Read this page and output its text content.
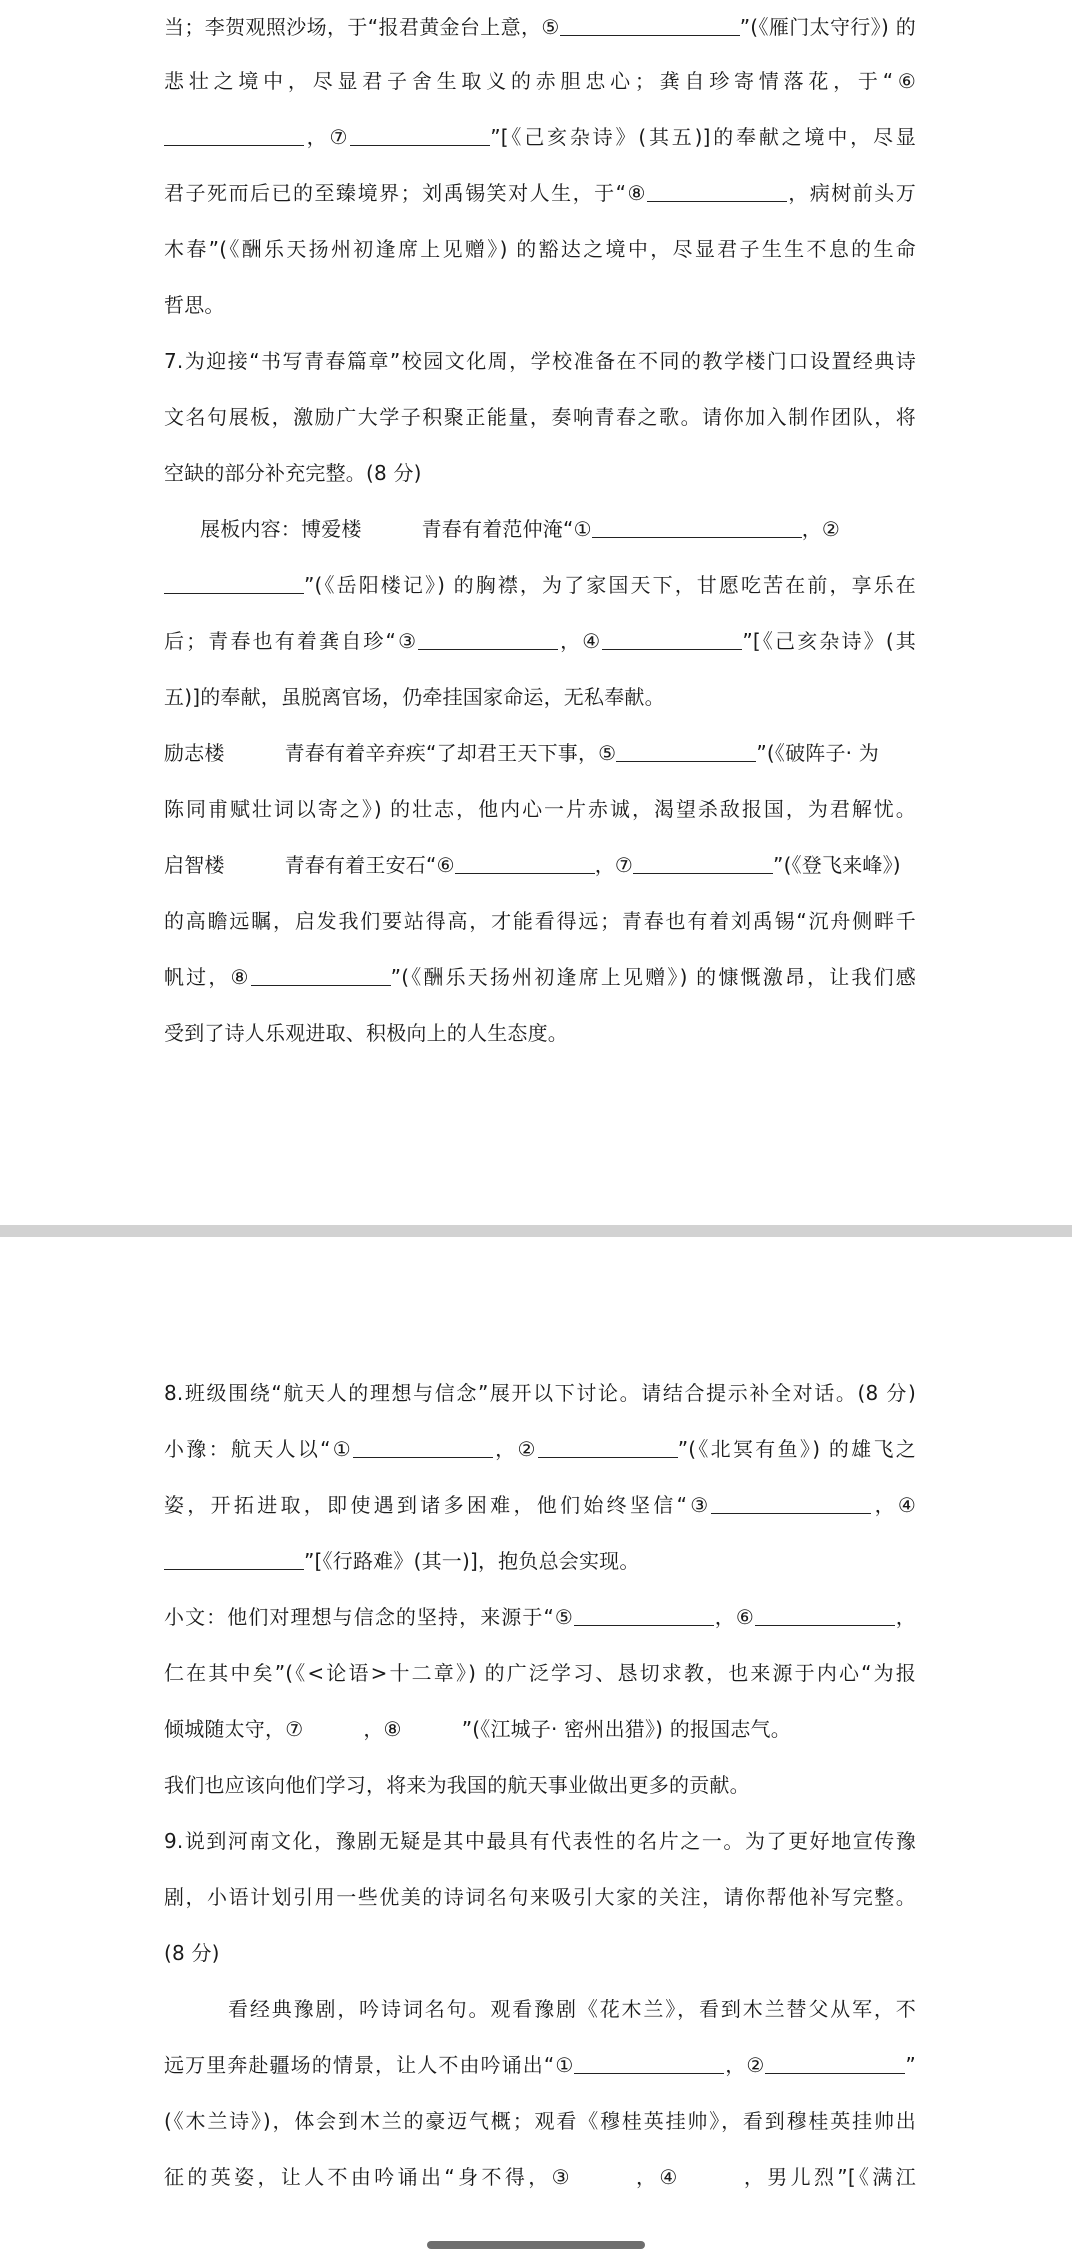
当；李贺观照沙场，于“报君黄金台上意，⑤	”(《雁门太守行》) 的
悲壮之境中，尽显君子舍生取义的赤胆忠心；龚自珍寄情落花，于“⑥
，⑦	”[《己亥杂诗》(其五)]的奉献之境中，尽显
君子死而后已的至臻境界；刘禹锡笑对人生，于“⑧	，病树前头万
木春”(《酬乐天扬州初逢席上见赠》) 的豁达之境中，尽显君子生生不息的生命
哲思。
7.为迎接“书写青春篇章”校园文化周，学校准备在不同的教学楼门口设置经典诗
文名句展板，激励广大学子积聚正能量，奏响青春之歌。请你加入制作团队，将
空缺的部分补充完整。(8 分)
展板内容：博爱楼	青春有着范仲淹“①	，②
”(《岳阳楼记》) 的胸襟，为了家国天下，甘愿吃苦在前，享乐在
后；青春也有着龚自珍“③	，④	”[《己亥杂诗》(其
五)]的奉献，虽脱离官场，仍牵挂国家命运，无私奉献。
励志楼	青春有着辛弃疾“了却君王天下事，⑤	”(《破阵子· 为
陈同甫赋壮词以寄之》) 的壮志，他内心一片赤诚，渴望杀敌报国，为君解忧。
启智楼	青春有着王安石“⑥	，⑦	”(《登飞来峰》)
的高瞻远瞩，启发我们要站得高，才能看得远；青春也有着刘禹锡“沉舟侧畔千
帆过，⑧	”(《酬乐天扬州初逢席上见赠》) 的慷慨激昂，让我们感
受到了诗人乐观进取、积极向上的人生态度。
8.班级围绕“航天人的理想与信念”展开以下讨论。请结合提示补全对话。(8 分)
小豫：航天人以“①	，②	”(《北冥有鱼》) 的雄飞之
姿，开拓进取，即使遇到诸多困难，他们始终坚信“③	，④
”[《行路难》(其一)]，抱负总会实现。
小文：他们对理想与信念的坚持，来源于“⑤	，⑥	，
仁在其中矣”(《<论语>十二章》) 的广泛学习、恳切求教，也来源于内心“为报
倾城随太守，⑦	，⑧	”(《江城子· 密州出猎》) 的报国志气。
我们也应该向他们学习，将来为我国的航天事业做出更多的贡献。
9.说到河南文化，豫剧无疑是其中最具有代表性的名片之一。为了更好地宣传豫
剧，小语计划引用一些优美的诗词名句来吸引大家的关注，请你帮他补写完整。
(8 分)
看经典豫剧，吟诗词名句。观看豫剧《花木兰》，看到木兰替父从军，不
远万里奔赴疆场的情景，让人不由吟诵出“①	，②	”
(《木兰诗》)，体会到木兰的豪迈气概；观看《穆桂英挂帅》，看到穆桂英挂帅出
征的英姿，让人不由吟诵出“身不得，③	，④	，男儿烈”[《满江
